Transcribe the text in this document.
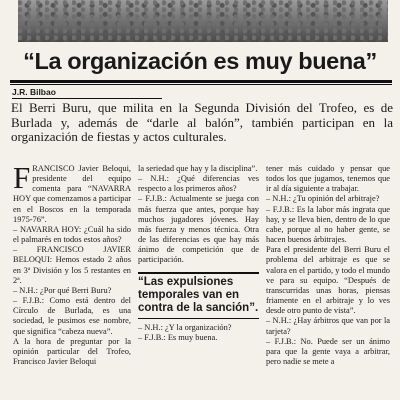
“La organización es muy buena”
J.R. Bilbao
El Berri Buru, que milita en la Segunda División del Trofeo, es de Burlada y, además de “darle al balón”, también participan en la organización de fiestas y actos culturales.

FRANCISCO Javier Beloqui, presidente del equipo comenta para “NAVARRA HOY que comenzamos a participar en el Boscos en la temporada 1975-76”.

– NAVARRA HOY: ¿Cuál ha sido el palmarés en todos estos años?

– FRANCISCO JAVIER BELOQUI: Hemos estado 2 años en 3ª División y los 5 restantes en 2ª.

– N.H.: ¿Por qué Berri Buru?

– F.J.B.: Como está dentro del Círculo de Burlada, es una sociedad, le pusimos ese nombre, que significa “cabeza nueva”.

A la hora de preguntar por la opinión particular del Trofeo, Francisco Javier Beloqui

la seriedad que hay y la disciplina”.

– N.H.: ¿Qué diferencias ves respecto a los primeros años?

– F.J.B.: Actualmente se juega con más fuerza que antes, porque hay muchos jugadores jóvenes. Hay más fuerza y menos técnica. Otra de las diferencias es que hay más ánimo de competición que de participación.

“Las expulsiones temporales van en contra de la sanción”.

– N.H.: ¿Y la organización?

– F.J.B.: Es muy buena.

tener más cuidado y pensar que todos los que jugamos, tenemos que ir al día siguiente a trabajar.

– N.H.: ¿Tu opinión del arbitraje?

– F.J.B.: Es la labor más ingrata que hay, y se lleva bien, dentro de lo que cabe, porque al no haber gente, se hacen buenos árbitrajes.

Para el presidente del Berri Buru el problema del arbitraje es que se valora en el partido, y todo el mundo ve para su equipo. “Después de transcurridas unas horas, piensas friamente en el arbitraje y lo ves desde otro punto de vista”.

– N.H.: ¿Hay árbitros que van por la tarjeta?

– F.J.B.: No. Puede ser un ánimo para que la gente vaya a arbitrar, pero nadie se mete a
